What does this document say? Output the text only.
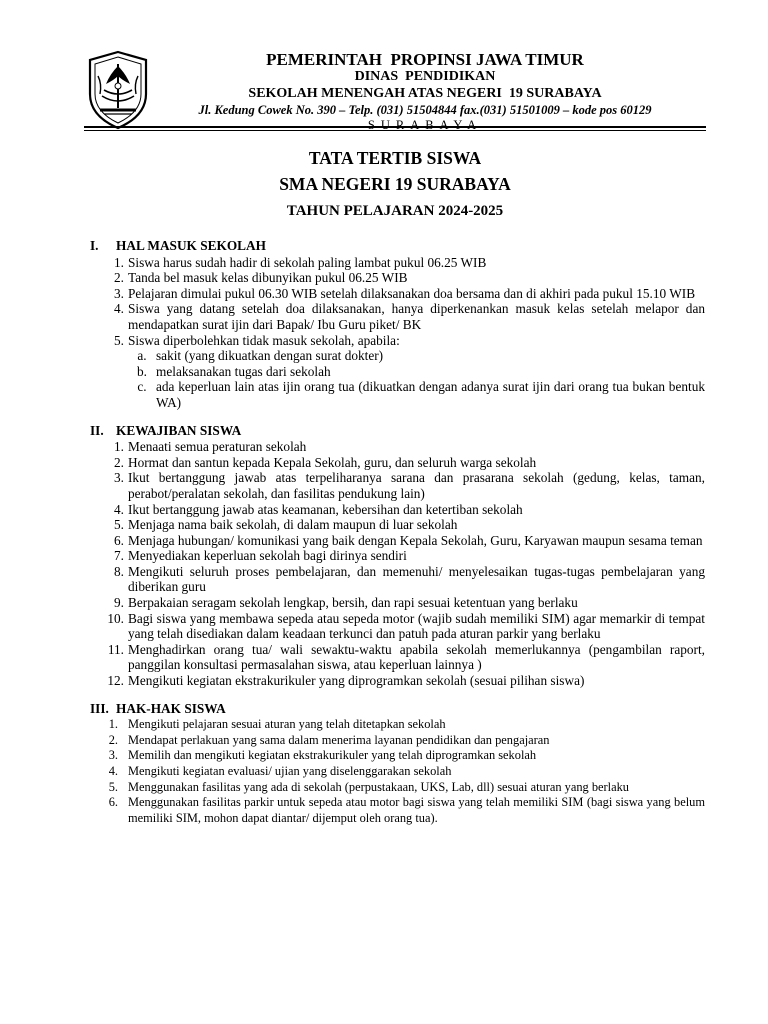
PEMERINTAH  PROPINSI JAWA TIMUR
DINAS  PENDIDIKAN
SEKOLAH MENENGAH ATAS NEGERI  19 SURABAYA
Jl. Kedung Cowek No. 390 – Telp. (031) 51504844 fax.(031) 51501009 – kode pos 60129
SURABAYA
TATA TERTIB SISWA
SMA NEGERI 19 SURABAYA
TAHUN PELAJARAN 2024-2025
I.	HAL MASUK SEKOLAH
1. Siswa harus sudah hadir di sekolah paling lambat pukul 06.25 WIB
2. Tanda bel masuk kelas dibunyikan pukul 06.25 WIB
3. Pelajaran dimulai pukul 06.30 WIB setelah dilaksanakan doa bersama dan di akhiri pada pukul 15.10 WIB
4. Siswa yang datang setelah doa dilaksanakan, hanya diperkenankan masuk kelas setelah melapor dan mendapatkan surat ijin dari Bapak/ Ibu Guru piket/ BK
5. Siswa diperbolehkan tidak masuk sekolah, apabila:
a. sakit (yang dikuatkan dengan surat dokter)
b. melaksanakan tugas dari sekolah
c. ada keperluan lain atas ijin orang tua (dikuatkan dengan adanya surat ijin dari orang tua bukan bentuk WA)
II. KEWAJIBAN SISWA
1. Menaati semua peraturan sekolah
2. Hormat dan santun kepada Kepala Sekolah, guru, dan seluruh warga sekolah
3. Ikut bertanggung jawab atas terpeliharanya sarana dan prasarana sekolah (gedung, kelas, taman, perabot/peralatan sekolah, dan fasilitas pendukung lain)
4. Ikut bertanggung jawab atas keamanan, kebersihan dan ketertiban sekolah
5. Menjaga nama baik sekolah, di dalam maupun di luar sekolah
6. Menjaga hubungan/ komunikasi yang baik dengan Kepala Sekolah, Guru, Karyawan maupun sesama teman
7. Menyediakan keperluan sekolah bagi dirinya sendiri
8. Mengikuti seluruh proses pembelajaran, dan memenuhi/ menyelesaikan tugas-tugas pembelajaran yang diberikan guru
9. Berpakaian seragam sekolah lengkap, bersih, dan rapi sesuai ketentuan yang berlaku
10. Bagi siswa yang membawa sepeda atau sepeda motor (wajib sudah memiliki SIM) agar memarkir di tempat yang telah disediakan dalam keadaan terkunci dan patuh pada aturan parkir yang berlaku
11. Menghadirkan orang tua/ wali sewaktu-waktu apabila sekolah memerlukannya (pengambilan raport, panggilan konsultasi permasalahan siswa, atau keperluan lainnya )
12. Mengikuti kegiatan ekstrakurikuler yang diprogramkan sekolah (sesuai pilihan siswa)
III. HAK-HAK SISWA
1. Mengikuti pelajaran sesuai aturan yang telah ditetapkan sekolah
2. Mendapat perlakuan yang sama dalam menerima layanan pendidikan dan pengajaran
3. Memilih dan mengikuti kegiatan ekstrakurikuler yang telah diprogramkan sekolah
4. Mengikuti kegiatan evaluasi/ ujian yang diselenggarakan sekolah
5. Menggunakan fasilitas yang ada di sekolah (perpustakaan, UKS, Lab, dll) sesuai aturan yang berlaku
6. Menggunakan fasilitas parkir untuk sepeda atau motor bagi siswa yang telah memiliki SIM (bagi siswa yang belum memiliki SIM, mohon dapat diantar/ dijemput oleh orang tua).
